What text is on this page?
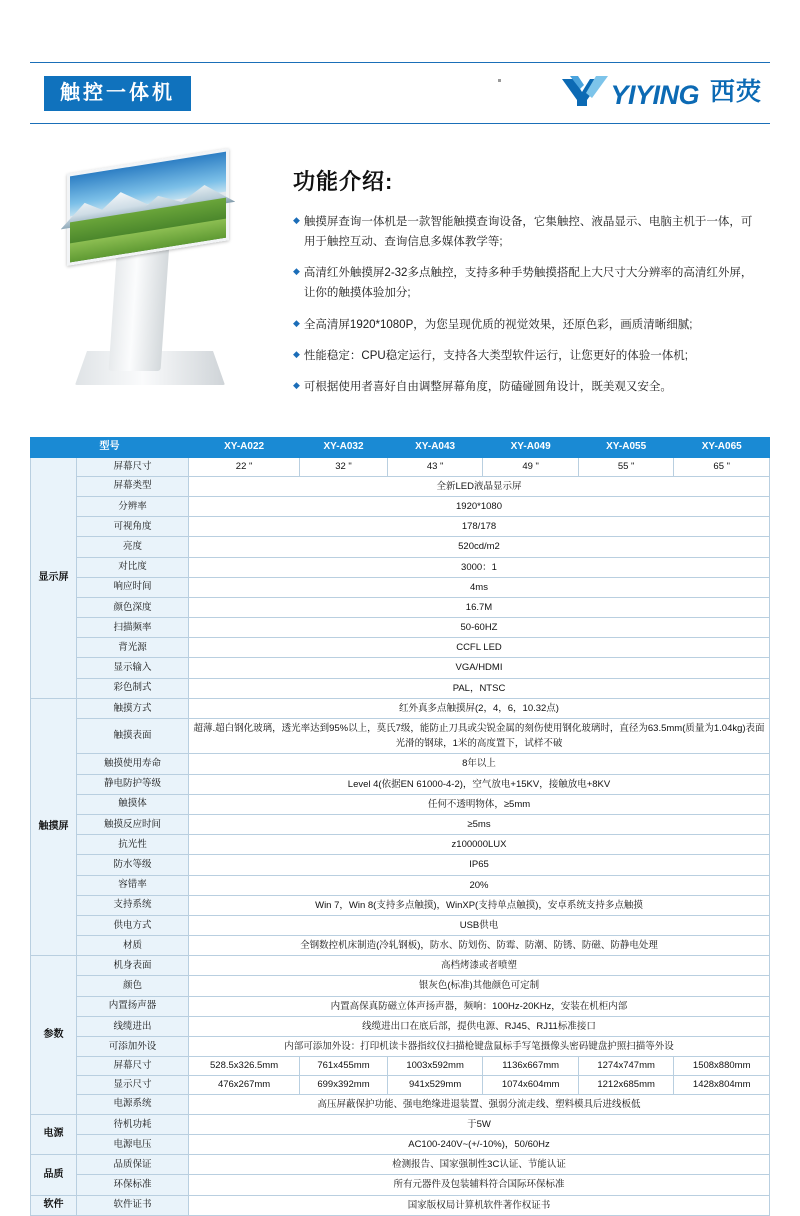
触控一体机	YIYING 西荧
功能介绍:
◆ 触摸屏查询一体机是一款智能触摸查询设备，它集触控、液晶显示、电脑主机于一体，可用于触控互动、查询信息多媒体教学等;
◆ 高清红外触摸屏2-32多点触控，支持多种手势触摸搭配上大尺寸大分辨率的高清红外屏，让你的触摸体验加分;
◆ 全高清屏1920*1080P，为您呈现优质的视觉效果，还原色彩，画质清晰细腻;
◆ 性能稳定：CPU稳定运行，支持各大类型软件运行，让您更好的体验一体机;
◆ 可根据使用者喜好自由调整屏幕角度，防磕碰圆角设计，既美观又安全。
型号		XY-A022	XY-A032	XY-A043	XY-A049	XY-A055	XY-A065
显示屏	屏幕尺寸	22 "	32 "	43 "	49 "	55 "	65 "
	屏幕类型	全新LED液晶显示屏					
	分辨率	1920*1080					
	可视角度	178/178					
	亮度	520cd/m2					
	对比度	3000：1					
	响应时间	4ms					
	颜色深度	16.7M					
	扫描频率	50-60HZ					
	背光源	CCFL LED					
	显示输入	VGA/HDMI					
	彩色制式	PAL，NTSC					
触摸屏	触摸方式	红外真多点触摸屏(2，4，6，10.32点)					
	触摸表面	超薄.超白钢化玻璃，透光率达到95%以上，莫氏7级，能防止刀具或尖锐金属的刻伤使用钢化玻璃时，直径为63.5mm(质量为1.04kg)表面光滑的钢球，1米的高度置下，试样不破					
	触摸使用寿命	8年以上					
	静电防护等级	Level 4(依据EN 61000-4-2)，空气放电+15KV，接触放电+8KV					
	触摸体	任何不透明物体，≥5mm					
	触摸反应时间	≥5ms					
	抗光性	z100000LUX					
	防水等级	IP65					
	容错率	20%					
	支持系统	Win 7，Win 8(支持多点触摸)，WinXP(支持单点触摸)，安卓系统支持多点触摸					
	供电方式	USB供电					
	材质	全钢数控机床制造(冷轧钢板)，防水、防划伤、防霉、防潮、防锈、防磁、防静电处理					
参数	机身表面	高档烤漆或者喷塑					
	颜色	银灰色(标准)其他颜色可定制					
	内置扬声器	内置高保真防磁立体声扬声器，频响：100Hz-20KHz，安装在机柜内部					
	线缆进出	线缆进出口在底后部，提供电源、RJ45、RJ11标准接口					
	可添加外设	内部可添加外设：打印机读卡器指纹仪扫描枪键盘鼠标手写笔摄像头密码键盘护照扫描等外设					
	屏幕尺寸	528.5x326.5mm	761x455mm	1003x592mm	1136x667mm	1274x747mm	1508x880mm
	显示尺寸	476x267mm	699x392mm	941x529mm	1074x604mm	1212x685mm	1428x804mm
	电源系统	高压屏蔽保护功能、强电绝缘进退装置、强弱分流走线、塑料模具后进线板低					
电源	待机功耗	于5W					
	电源电压	AC100-240V~(+/-10%)，50/60Hz					
品质	品质保证	检测报告、国家强制性3C认证、节能认证					
	环保标准	所有元器件及包装辅料符合国际环保标准					
软件	软件证书	国家版权局计算机软件著作权证书					
